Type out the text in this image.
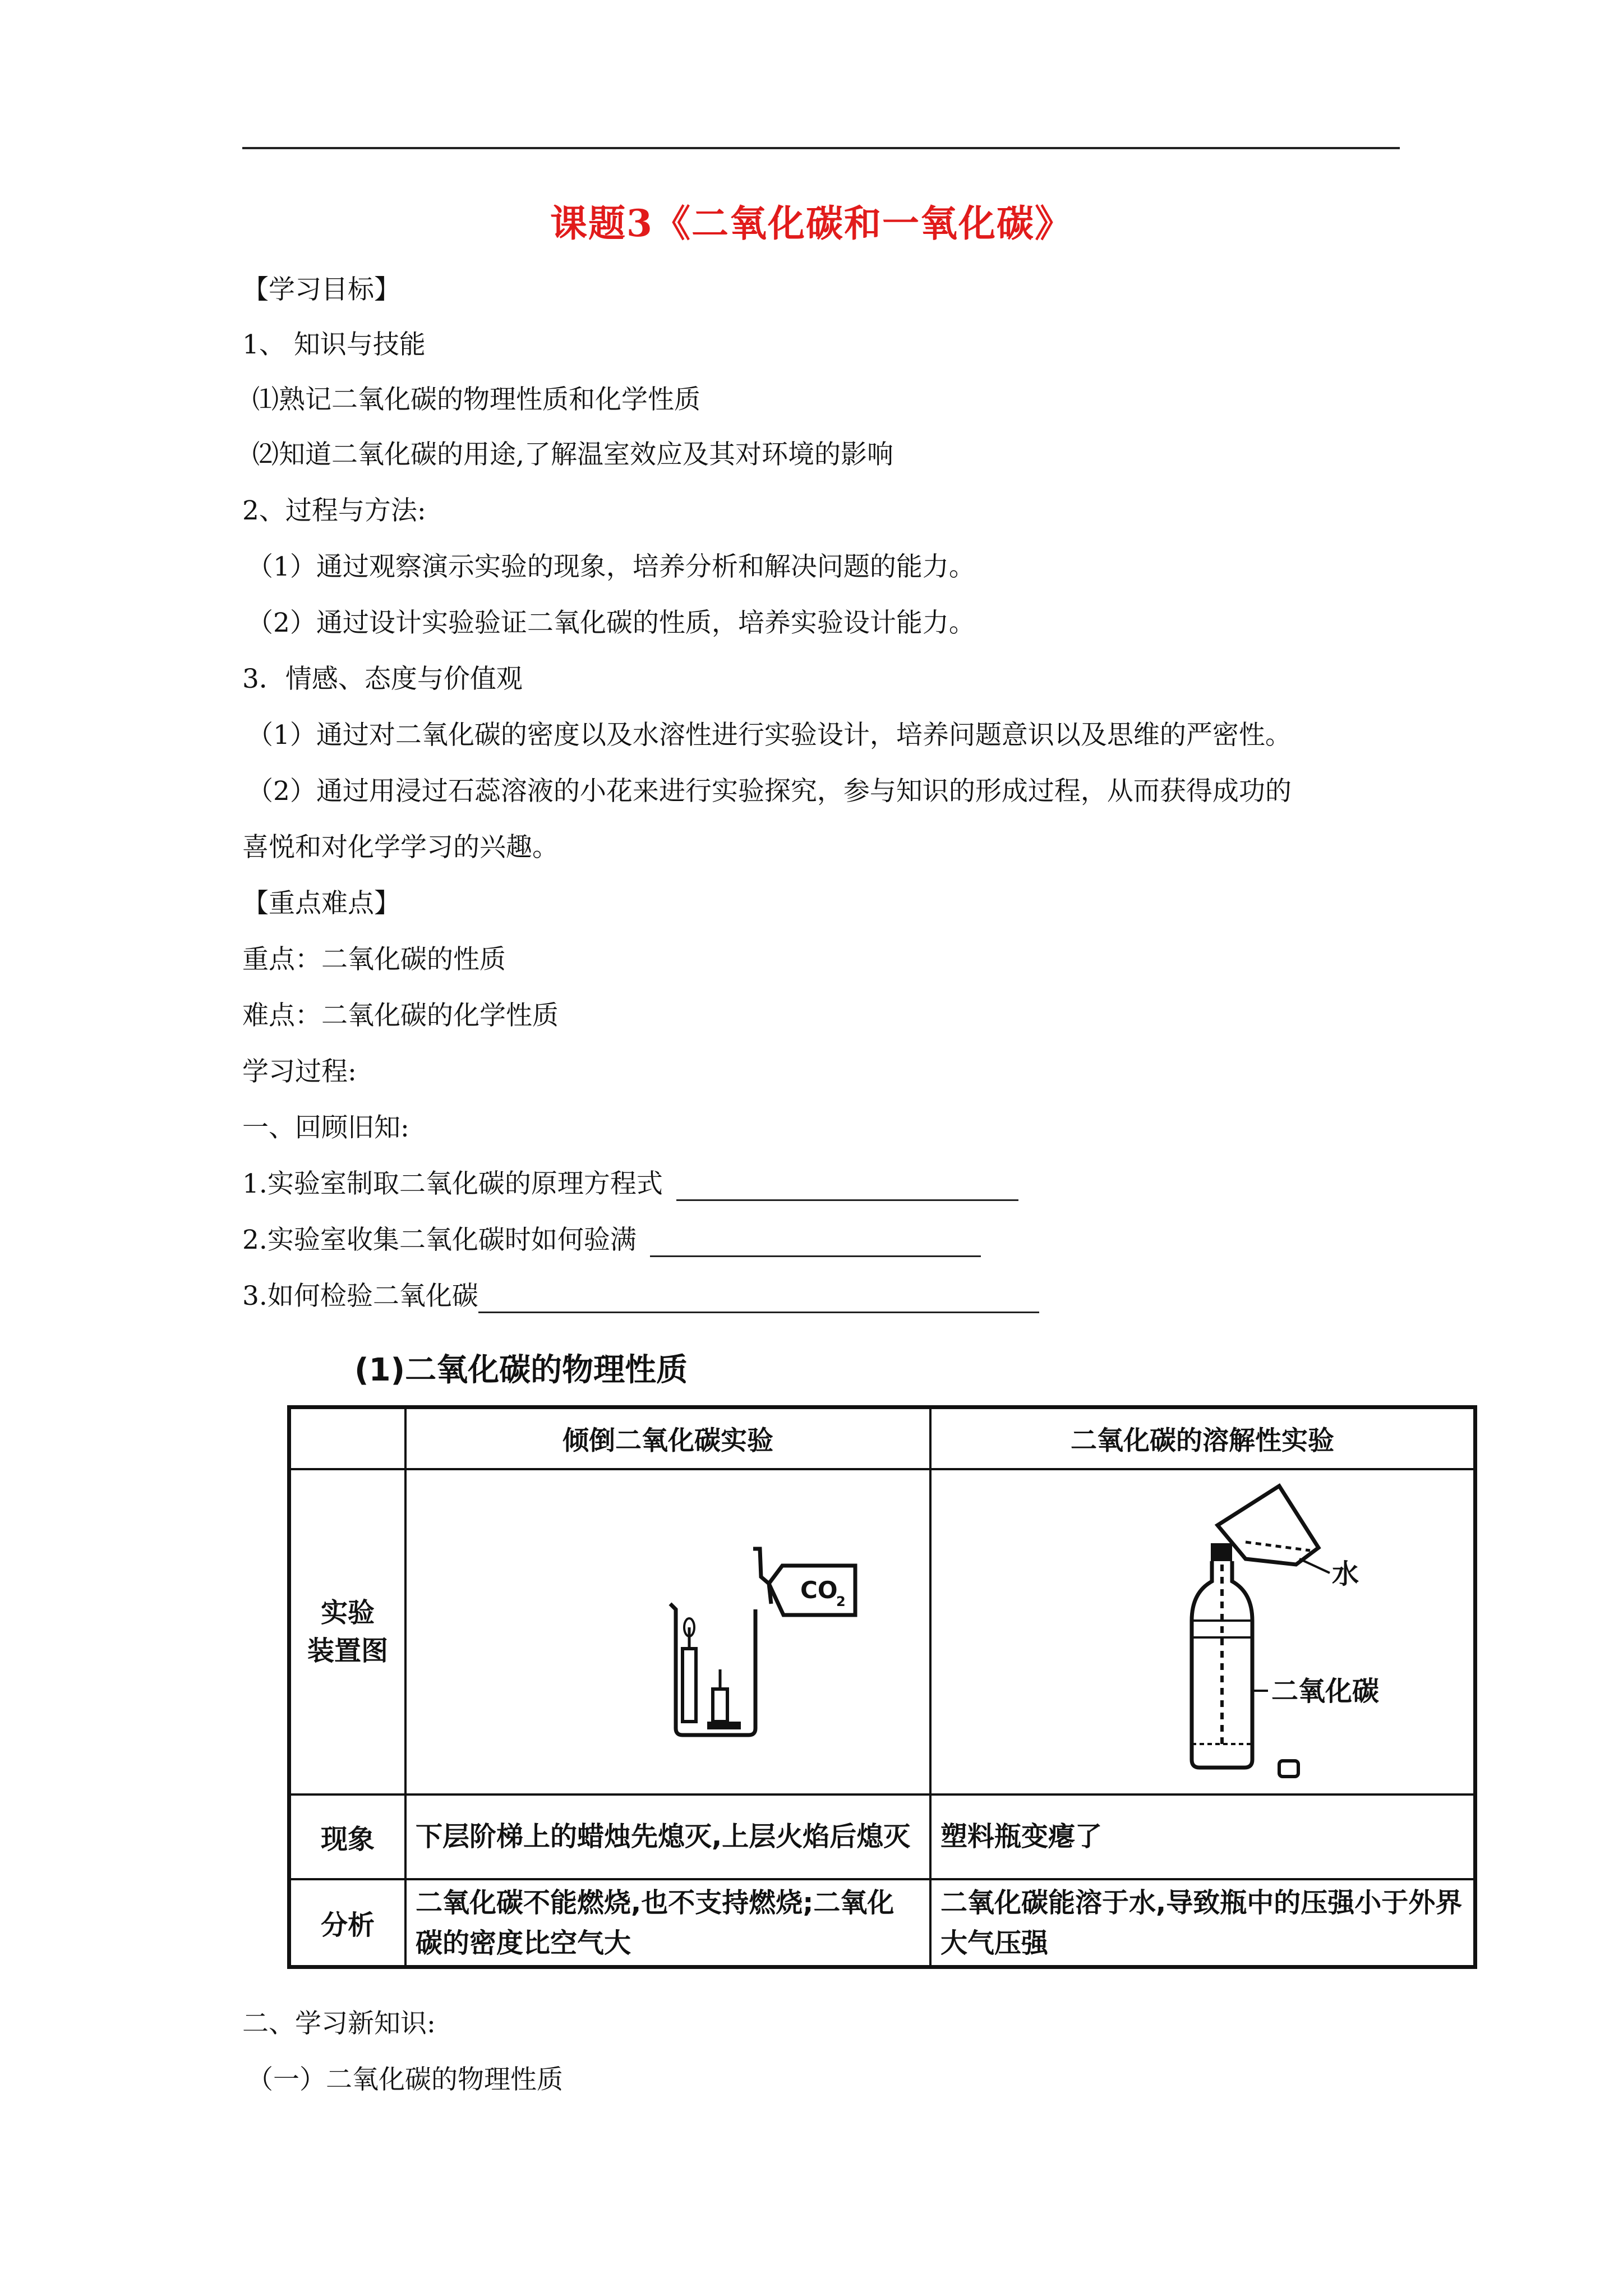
课题3《二氧化碳和一氧化碳》
【学习目标】
1、 知识与技能
⑴熟记二氧化碳的物理性质和化学性质
⑵知道二氧化碳的用途,了解温室效应及其对环境的影响
2、过程与方法:
（1）通过观察演示实验的现象，培养分析和解决问题的能力。
（2）通过设计实验验证二氧化碳的性质，培养实验设计能力。
3．情感、态度与价值观
（1）通过对二氧化碳的密度以及水溶性进行实验设计，培养问题意识以及思维的严密性。
（2）通过用浸过石蕊溶液的小花来进行实验探究，参与知识的形成过程，从而获得成功的
喜悦和对化学学习的兴趣。
【重点难点】
重点：二氧化碳的性质
难点：二氧化碳的化学性质
学习过程:
一、回顾旧知:
1.实验室制取二氧化碳的原理方程式
2.实验室收集二氧化碳时如何验满
3.如何检验二氧化碳
(1)二氧化碳的物理性质
	倾倒二氧化碳实验	二氧化碳的溶解性实验

实验
装置图	CO
2	水
二氧化碳

现象	下层阶梯上的蜡烛先熄灭,上层火焰后熄灭	塑料瓶变瘪了
分析	二氧化碳不能燃烧,也不支持燃烧;二氧化碳的密度比空气大	二氧化碳能溶于水,导致瓶中的压强小于外界大气压强
二、学习新知识:
（一）二氧化碳的物理性质
